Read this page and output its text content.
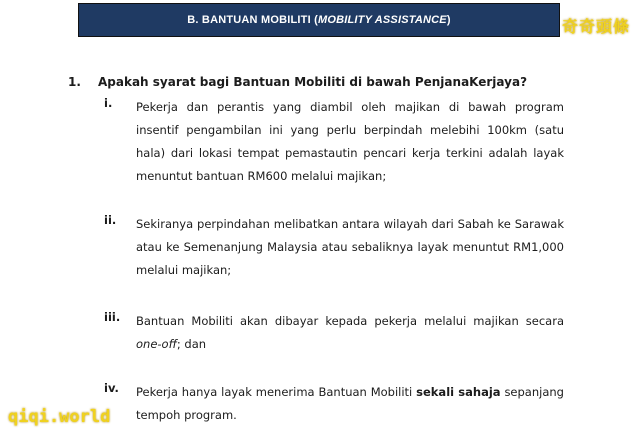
B. BANTUAN MOBILITI ( MOBILITY ASSISTANCE )	奇奇頭條
1. Apakah syarat bagi Bantuan Mobiliti di bawah PenjanaKerjaya?
i.	Pekerja dan perantis yang diambil oleh majikan di bawah program insentif pengambilan ini yang perlu berpindah melebihi 100km (satu hala) dari lokasi tempat pemastautin pencari kerja terkini adalah layak menuntut bantuan RM600 melalui majikan;

ii.	Sekiranya perpindahan melibatkan antara wilayah dari Sabah ke Sarawak atau ke Semenanjung Malaysia atau sebaliknya layak menuntut RM1,000 melalui majikan;

iii.	Bantuan Mobiliti akan dibayar kepada pekerja melalui majikan secara one-off; dan

iv.	Pekerja hanya layak menerima Bantuan Mobiliti sekali sahaja sepanjang tempoh program.

qiqi.world
